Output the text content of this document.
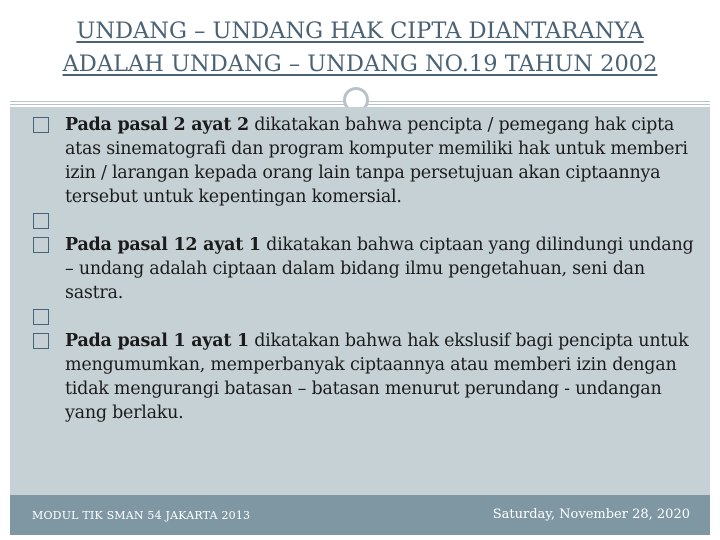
UNDANG – UNDANG HAK CIPTA DIANTARANYA ADALAH UNDANG – UNDANG NO.19 TAHUN 2002

Pada pasal 2 ayat 2 dikatakan bahwa pencipta / pemegang hak cipta atas sinematografi dan program komputer memiliki hak untuk memberi izin / larangan kepada orang lain tanpa persetujuan akan ciptaannya tersebut untuk kepentingan komersial.

Pada pasal 12 ayat 1 dikatakan bahwa ciptaan yang dilindungi undang – undang adalah ciptaan dalam bidang ilmu pengetahuan, seni dan sastra.

Pada pasal 1 ayat 1 dikatakan bahwa hak ekslusif bagi pencipta untuk mengumumkan, memperbanyak ciptaannya atau memberi izin dengan tidak mengurangi batasan – batasan menurut perundang - undangan yang berlaku.

MODUL TIK SMAN 54 JAKARTA 2013	Saturday, November 28, 2020
